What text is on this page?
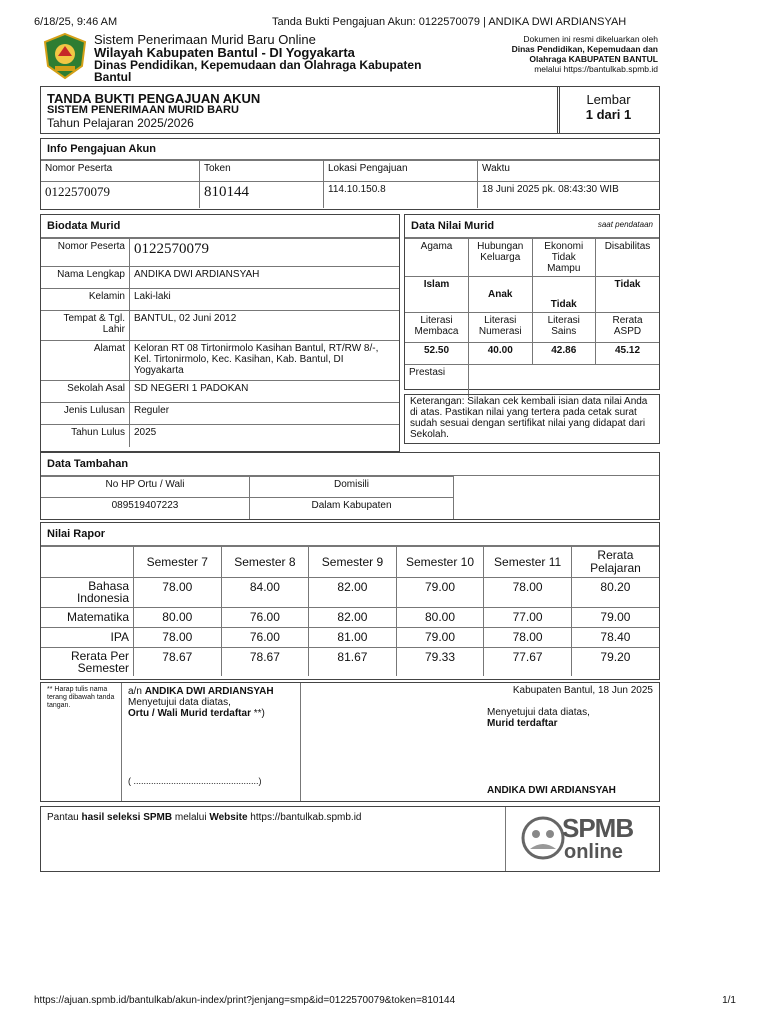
6/18/25, 9:46 AM	Tanda Bukti Pengajuan Akun: 0122570079 | ANDIKA DWI ARDIANSYAH
Sistem Penerimaan Murid Baru Online
Wilayah Kabupaten Bantul - DI Yogyakarta
Dinas Pendidikan, Kepemudaan dan Olahraga Kabupaten
Bantul
Dokumen ini resmi dikeluarkan oleh
Dinas Pendidikan, Kepemudaan dan
Olahraga KABUPATEN BANTUL
melalui https://bantulkab.spmb.id
TANDA BUKTI PENGAJUAN AKUN
SISTEM PENERIMAAN MURID BARU
Tahun Pelajaran 2025/2026
Lembar
1 dari 1
Info Pengajuan Akun
Nomor Peserta	Token	Lokasi Pengajuan	Waktu
0122570079	810144	114.10.150.8	18 Juni 2025 pk. 08:43:30 WIB
Biodata Murid
Nomor Peserta	0122570079
Nama Lengkap	ANDIKA DWI ARDIANSYAH
Kelamin	Laki-laki
Tempat & Tgl. Lahir	BANTUL, 02 Juni 2012
Alamat	Keloran RT 08 Tirtonirmolo Kasihan Bantul, RT/RW 8/-, Kel. Tirtonirmolo, Kec. Kasihan, Kab. Bantul, DI Yogyakarta
Sekolah Asal	SD NEGERI 1 PADOKAN
Jenis Lulusan	Reguler
Tahun Lulus	2025
Data Nilai Murid	saat pendataan
Agama	Hubungan Keluarga	Ekonomi Tidak Mampu	Disabilitas
Islam	Anak	Tidak	Tidak
Literasi Membaca	Literasi Numerasi	Literasi Sains	Rerata ASPD
52.50	40.00	42.86	45.12
Prestasi			
Keterangan: Silakan cek kembali isian data nilai Anda di atas. Pastikan nilai yang tertera pada cetak surat sudah sesuai dengan sertifikat nilai yang didapat dari Sekolah.
Data Tambahan
No HP Ortu / Wali	Domisili
089519407223	Dalam Kabupaten
Nilai Rapor
	Semester 7	Semester 8	Semester 9	Semester 10	Semester 11	Rerata Pelajaran
Bahasa Indonesia	78.00	84.00	82.00	79.00	78.00	80.20
Matematika	80.00	76.00	82.00	80.00	77.00	79.00
IPA	78.00	76.00	81.00	79.00	78.00	78.40
Rerata Per Semester	78.67	78.67	81.67	79.33	77.67	79.20
** Harap tulis nama terang dibawah tanda tangan.
a/n ANDIKA DWI ARDIANSYAH
Menyetujui data diatas,
Ortu / Wali Murid terdaftar **)
( ..................................................)
Kabupaten Bantul, 18 Jun 2025
Menyetujui data diatas,
Murid terdaftar
ANDIKA DWI ARDIANSYAH
Pantau hasil seleksi SPMB melalui Website https://bantulkab.spmb.id	SPMB
online
https://ajuan.spmb.id/bantulkab/akun-index/print?jenjang=smp&id=0122570079&token=810144	1/1
